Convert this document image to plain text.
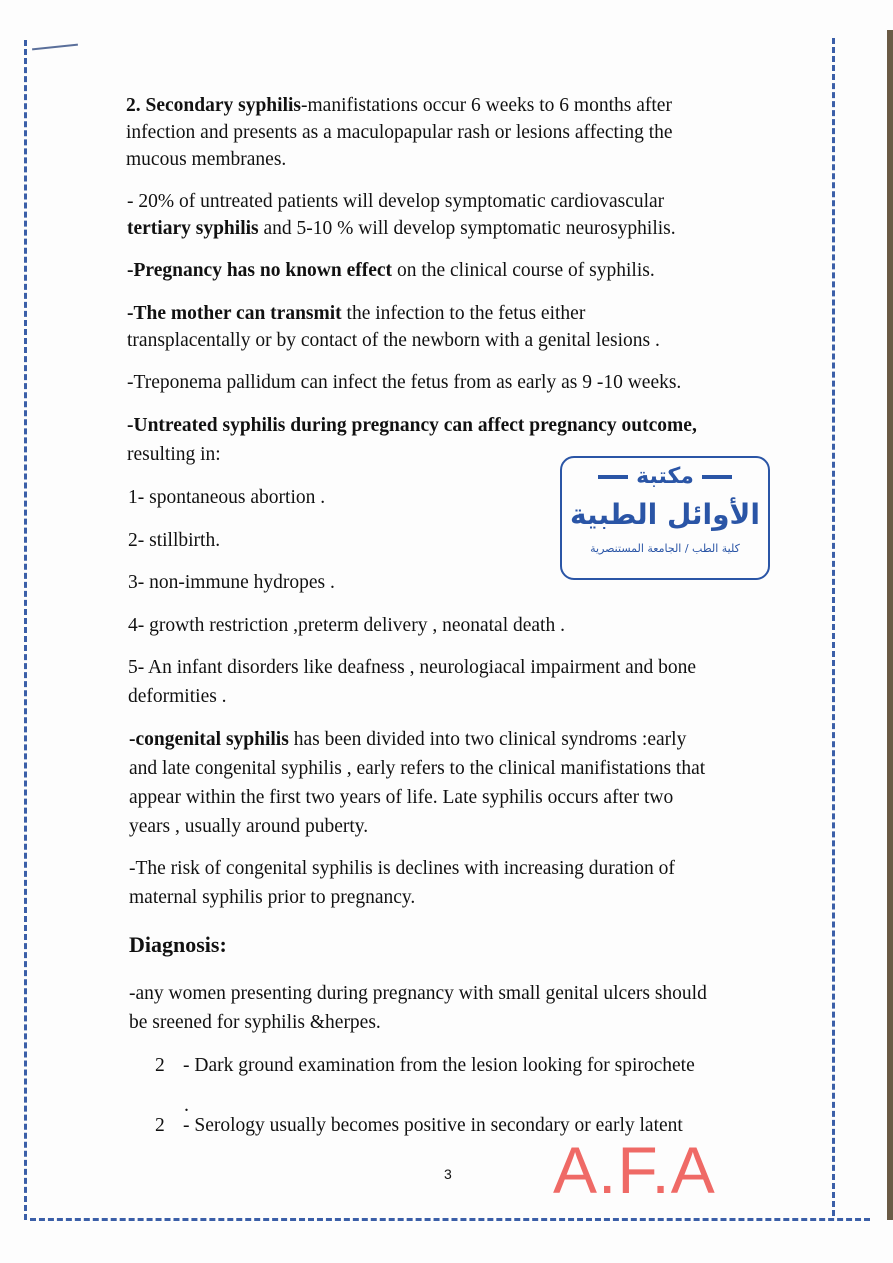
2. Secondary syphilis-manifistations occur 6 weeks to 6 months after

infection and presents as a maculopapular rash or lesions affecting the

mucous membranes.

- 20% of untreated patients will develop symptomatic cardiovascular

tertiary syphilis and 5-10 % will develop symptomatic neurosyphilis.

-Pregnancy has no known effect on the clinical course of syphilis.

-The mother can transmit the infection to the fetus either

transplacentally or by contact of the newborn with a genital lesions .

-Treponema pallidum can infect the fetus from as early as 9 -10 weeks.

-Untreated syphilis during pregnancy can affect pregnancy outcome,

resulting in:

1- spontaneous abortion .

2- stillbirth.

3- non-immune hydropes .

4- growth restriction ,preterm delivery , neonatal death .

5- An infant disorders like deafness , neurologiacal impairment and bone

deformities .

-congenital syphilis has been divided into two clinical syndroms :early

and late congenital syphilis , early refers to the clinical manifistations that

appear within the first two years of life. Late syphilis occurs after two

years , usually around puberty.

-The risk of congenital syphilis is declines with increasing duration of

maternal syphilis prior to pregnancy.

Diagnosis:

-any women presenting during pregnancy with small genital ulcers should

be sreened for syphilis &herpes.

2 - Dark ground examination from the lesion looking for spirochete

.

2 - Serology usually becomes positive in secondary or early latent

مكتبة
الأوائل الطبية
كلية الطب / الجامعة المستنصرية
3 A.F.A
